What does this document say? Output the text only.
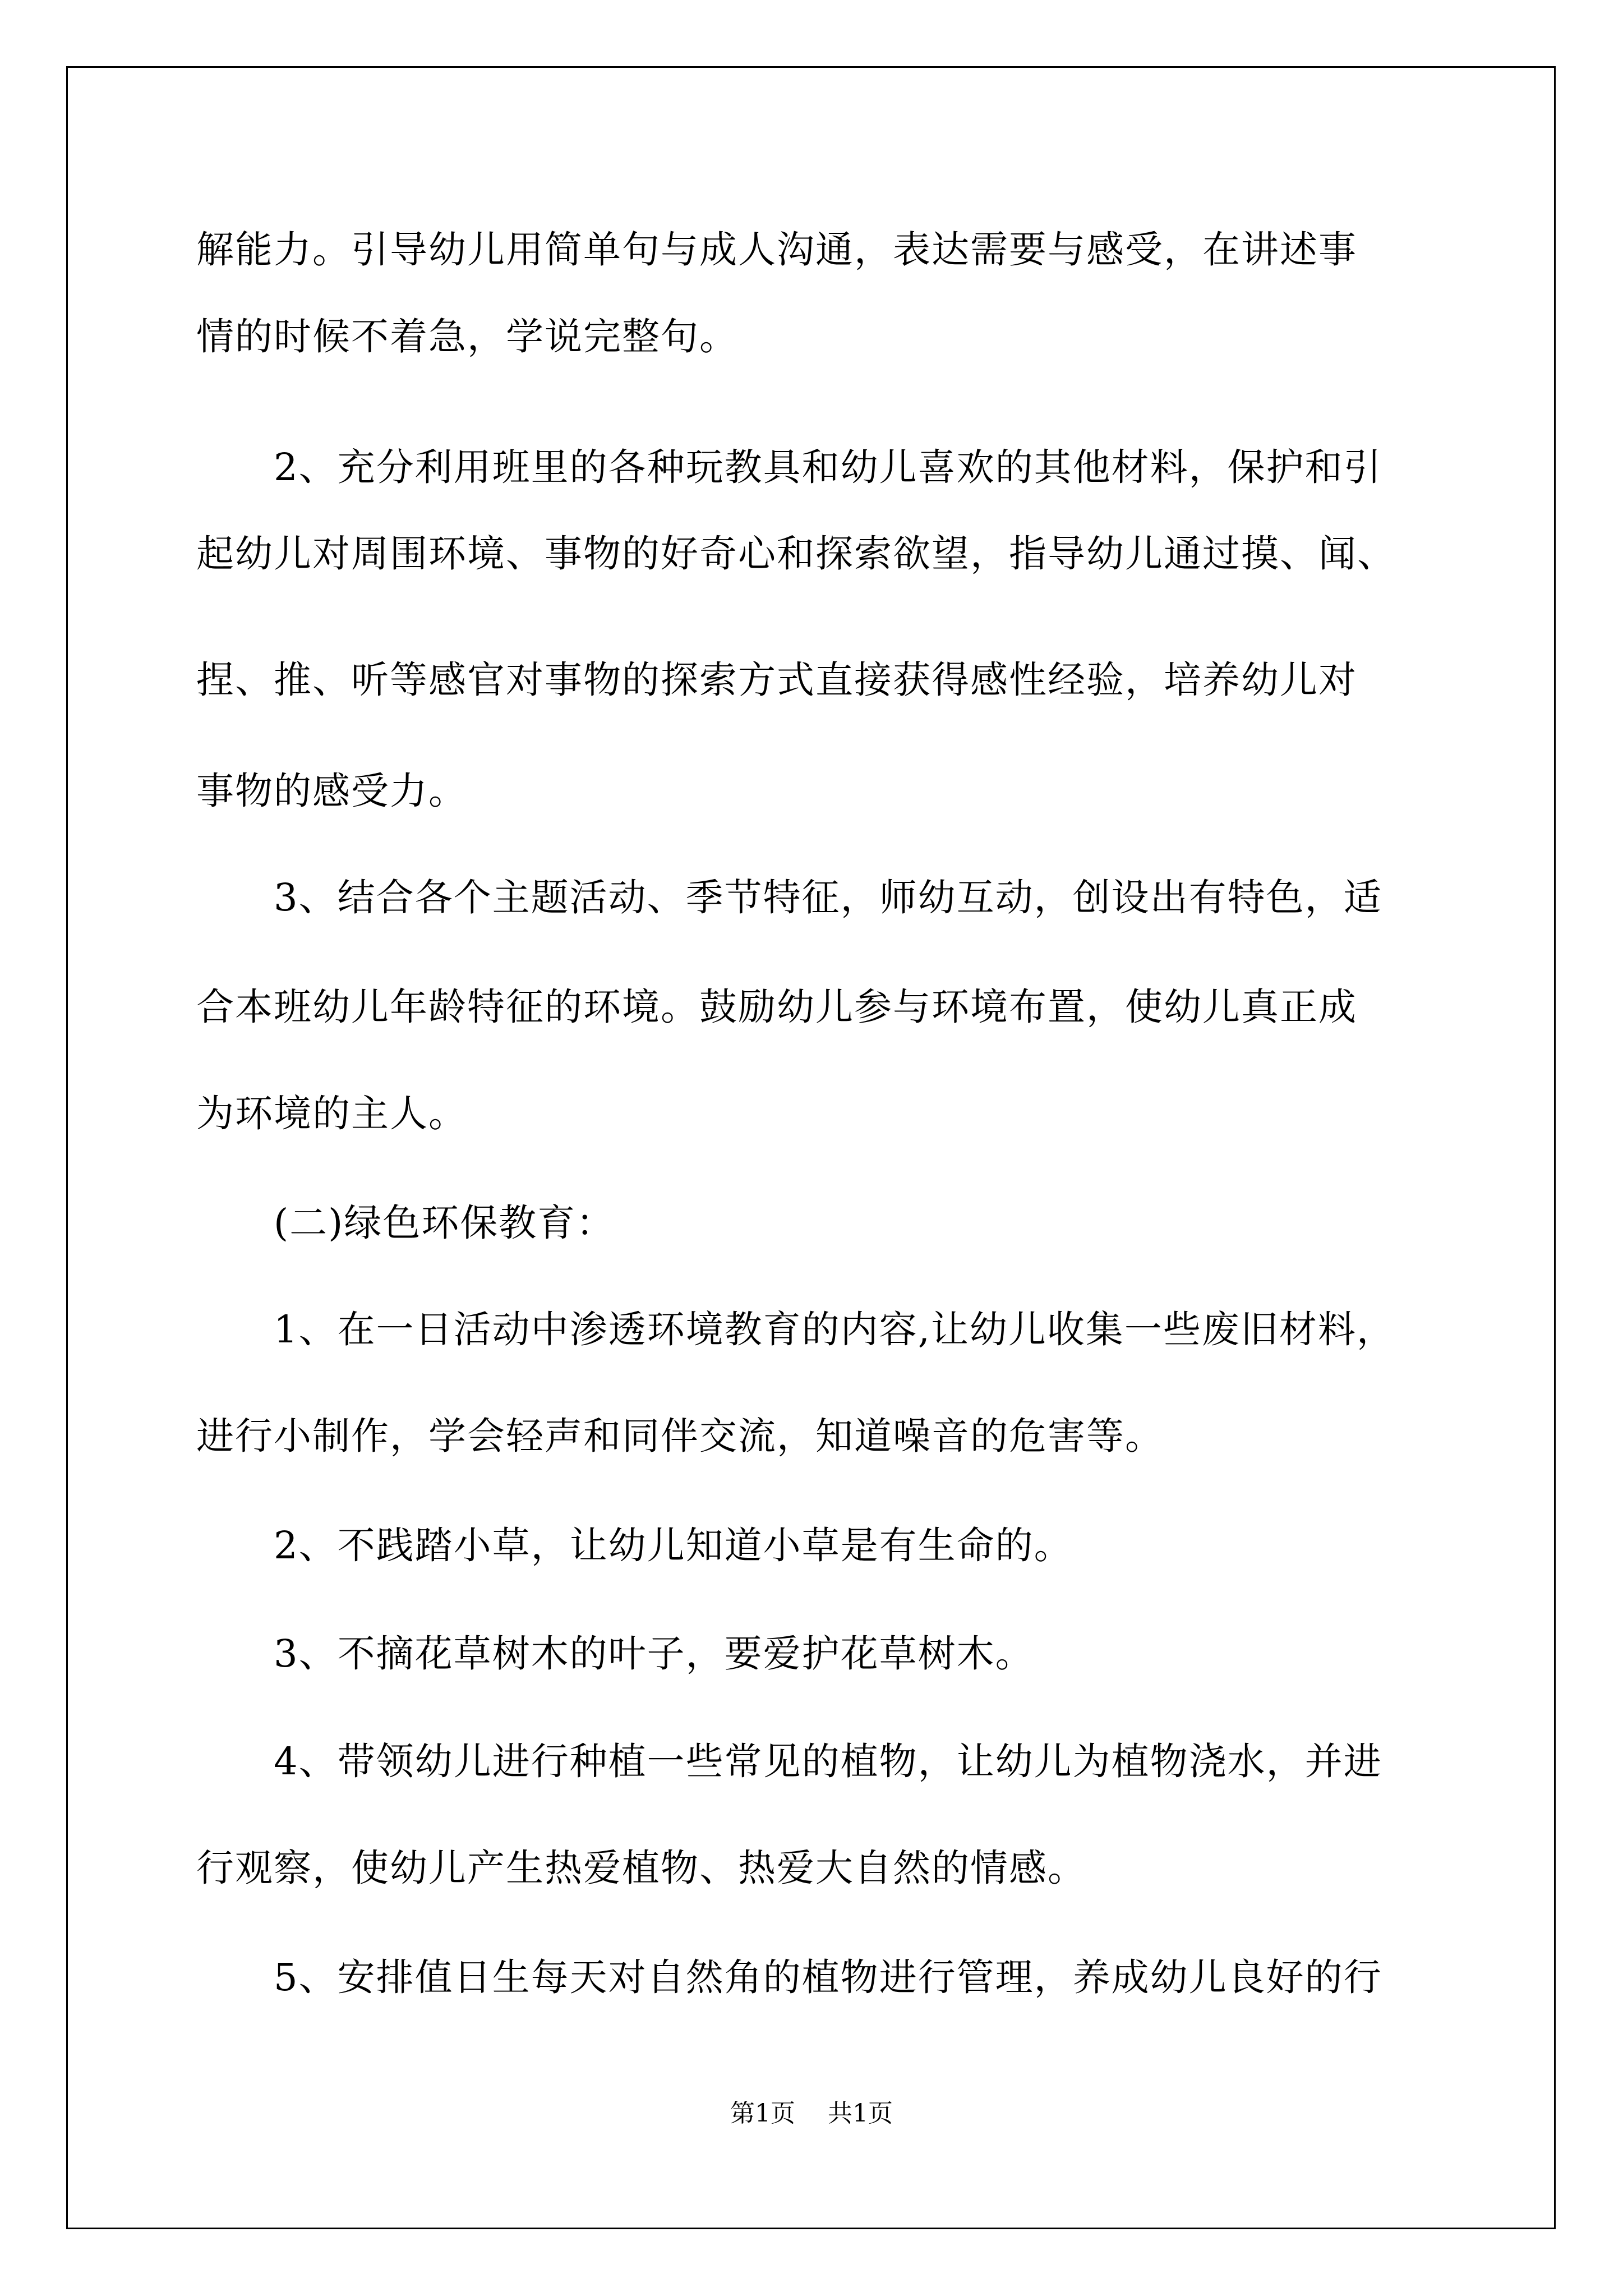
解能力。引导幼儿用简单句与成人沟通，表达需要与感受，在讲述事
情的时候不着急，学说完整句。
　　2、充分利用班里的各种玩教具和幼儿喜欢的其他材料，保护和引
起幼儿对周围环境、事物的好奇心和探索欲望，指导幼儿通过摸、闻、
捏、推、听等感官对事物的探索方式直接获得感性经验，培养幼儿对
事物的感受力。
　　3、结合各个主题活动、季节特征，师幼互动，创设出有特色，适
合本班幼儿年龄特征的环境。鼓励幼儿参与环境布置，使幼儿真正成
为环境的主人。
　　(二)绿色环保教育：
　　1、在一日活动中渗透环境教育的内容,让幼儿收集一些废旧材料，
进行小制作，学会轻声和同伴交流，知道噪音的危害等。
　　2、不践踏小草，让幼儿知道小草是有生命的。
　　3、不摘花草树木的叶子，要爱护花草树木。
　　4、带领幼儿进行种植一些常见的植物，让幼儿为植物浇水，并进
行观察，使幼儿产生热爱植物、热爱大自然的情感。
　　5、安排值日生每天对自然角的植物进行管理，养成幼儿良好的行
第1页 共1页
